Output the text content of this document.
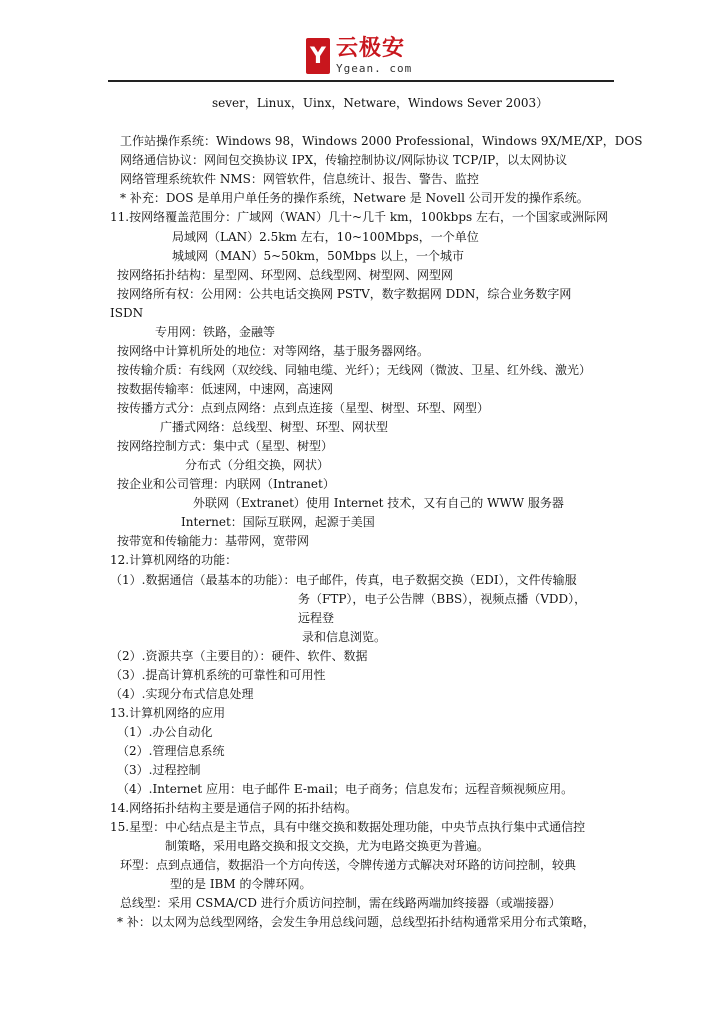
Y 云极安
Ygean. com
sever，Linux，Uinx，Netware，Windows Sever 2003）
工作站操作系统：Windows 98，Windows 2000 Professional，Windows 9X/ME/XP，DOS
网络通信协议：网间包交换协议 IPX，传输控制协议/网际协议 TCP/IP，以太网协议
网络管理系统软件 NMS：网管软件，信息统计、报告、警告、监控
* 补充：DOS 是单用户单任务的操作系统，Netware 是 Novell 公司开发的操作系统。
11.按网络覆盖范围分：广域网（WAN）几十~几千 km，100kbps 左右，一个国家或洲际网
局域网（LAN）2.5km 左右，10~100Mbps，一个单位
城域网（MAN）5~50km，50Mbps 以上，一个城市
按网络拓扑结构：星型网、环型网、总线型网、树型网、网型网
按网络所有权：公用网：公共电话交换网 PSTV，数字数据网 DDN，综合业务数字网
ISDN
专用网：铁路，金融等
按网络中计算机所处的地位：对等网络，基于服务器网络。
按传输介质：有线网（双绞线、同轴电缆、光纤）；无线网（微波、卫星、红外线、激光）
按数据传输率：低速网，中速网，高速网
按传播方式分：点到点网络：点到点连接（星型、树型、环型、网型）
广播式网络：总线型、树型、环型、网状型
按网络控制方式：集中式（星型、树型）
分布式（分组交换，网状）
按企业和公司管理：内联网（Intranet）
外联网（Extranet）使用 Internet 技术，又有自己的 WWW 服务器
Internet：国际互联网，起源于美国
按带宽和传输能力：基带网，宽带网
12.计算机网络的功能：
（1）.数据通信（最基本的功能）：电子邮件，传真，电子数据交换（EDI），文件传输服
务（FTP），电子公告牌（BBS），视频点播（VDD），
远程登
录和信息浏览。
（2）.资源共享（主要目的）：硬件、软件、数据
（3）.提高计算机系统的可靠性和可用性
（4）.实现分布式信息处理
13.计算机网络的应用
（1）.办公自动化
（2）.管理信息系统
（3）.过程控制
（4）.Internet 应用：电子邮件 E-mail；电子商务；信息发布；远程音频视频应用。
14.网络拓扑结构主要是通信子网的拓扑结构。
15.星型：中心结点是主节点，具有中继交换和数据处理功能，中央节点执行集中式通信控
制策略，采用电路交换和报文交换，尤为电路交换更为普遍。
环型：点到点通信，数据沿一个方向传送，令牌传递方式解决对环路的访问控制，较典
型的是 IBM 的令牌环网。
总线型：采用 CSMA/CD 进行介质访问控制，需在线路两端加终接器（或端接器）
* 补：以太网为总线型网络，会发生争用总线问题，总线型拓扑结构通常采用分布式策略，
